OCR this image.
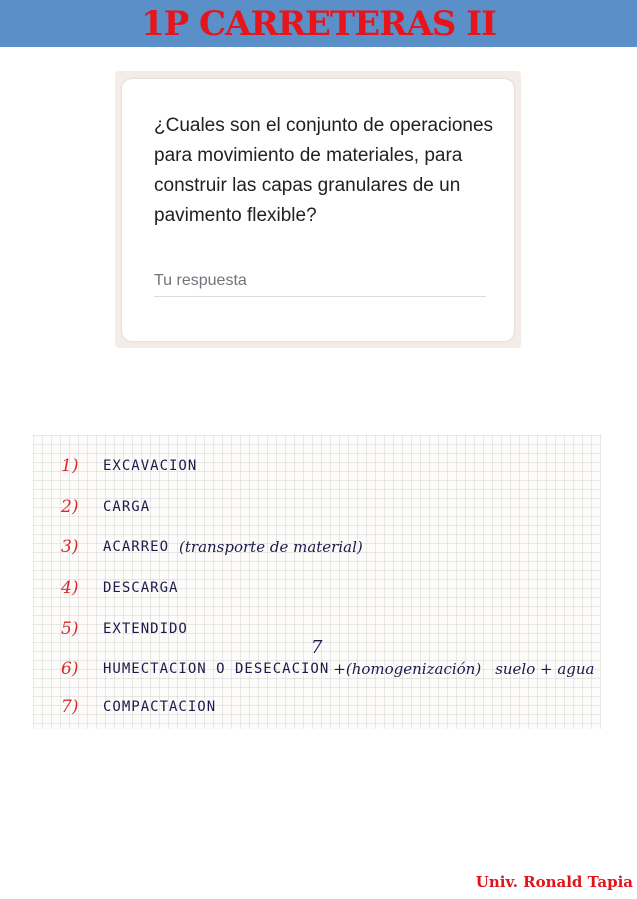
1P CARRETERAS II
¿Cuales son el conjunto de operaciones para movimiento de materiales, para construir las capas granulares de un pavimento flexible?
Tu respuesta
1)	EXCAVACION
2)	CARGA
3)	ACARREO (transporte de material)
4)	DESCARGA
5)	EXTENDIDO
6)	HUMECTACION O DESECACION +(homogenización) suelo + agua
7
7)	COMPACTACION
Univ. Ronald Tapia
